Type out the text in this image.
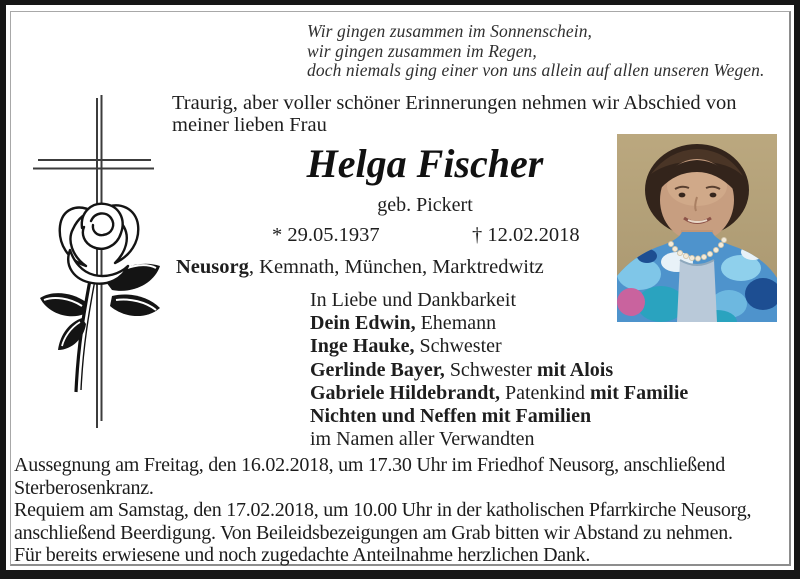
Wir gingen zusammen im Sonnenschein,
wir gingen zusammen im Regen,
doch niemals ging einer von uns allein auf allen unseren Wegen.
Traurig, aber voller schöner Erinnerungen nehmen wir Abschied von
meiner lieben Frau
Helga Fischer
geb. Pickert
* 29.05.1937	† 12.02.2018
Neusorg, Kemnath, München, Marktredwitz
In Liebe und Dankbarkeit
Dein Edwin, Ehemann
Inge Hauke, Schwester
Gerlinde Bayer, Schwester mit Alois
Gabriele Hildebrandt, Patenkind mit Familie
Nichten und Neffen mit Familien
im Namen aller Verwandten
Aussegnung am Freitag, den 16.02.2018, um 17.30 Uhr im Friedhof Neusorg, anschließend
Sterberosenkranz.
Requiem am Samstag, den 17.02.2018, um 10.00 Uhr in der katholischen Pfarrkirche Neusorg,
anschließend Beerdigung. Von Beileidsbezeigungen am Grab bitten wir Abstand zu nehmen.
Für bereits erwiesene und noch zugedachte Anteilnahme herzlichen Dank.
